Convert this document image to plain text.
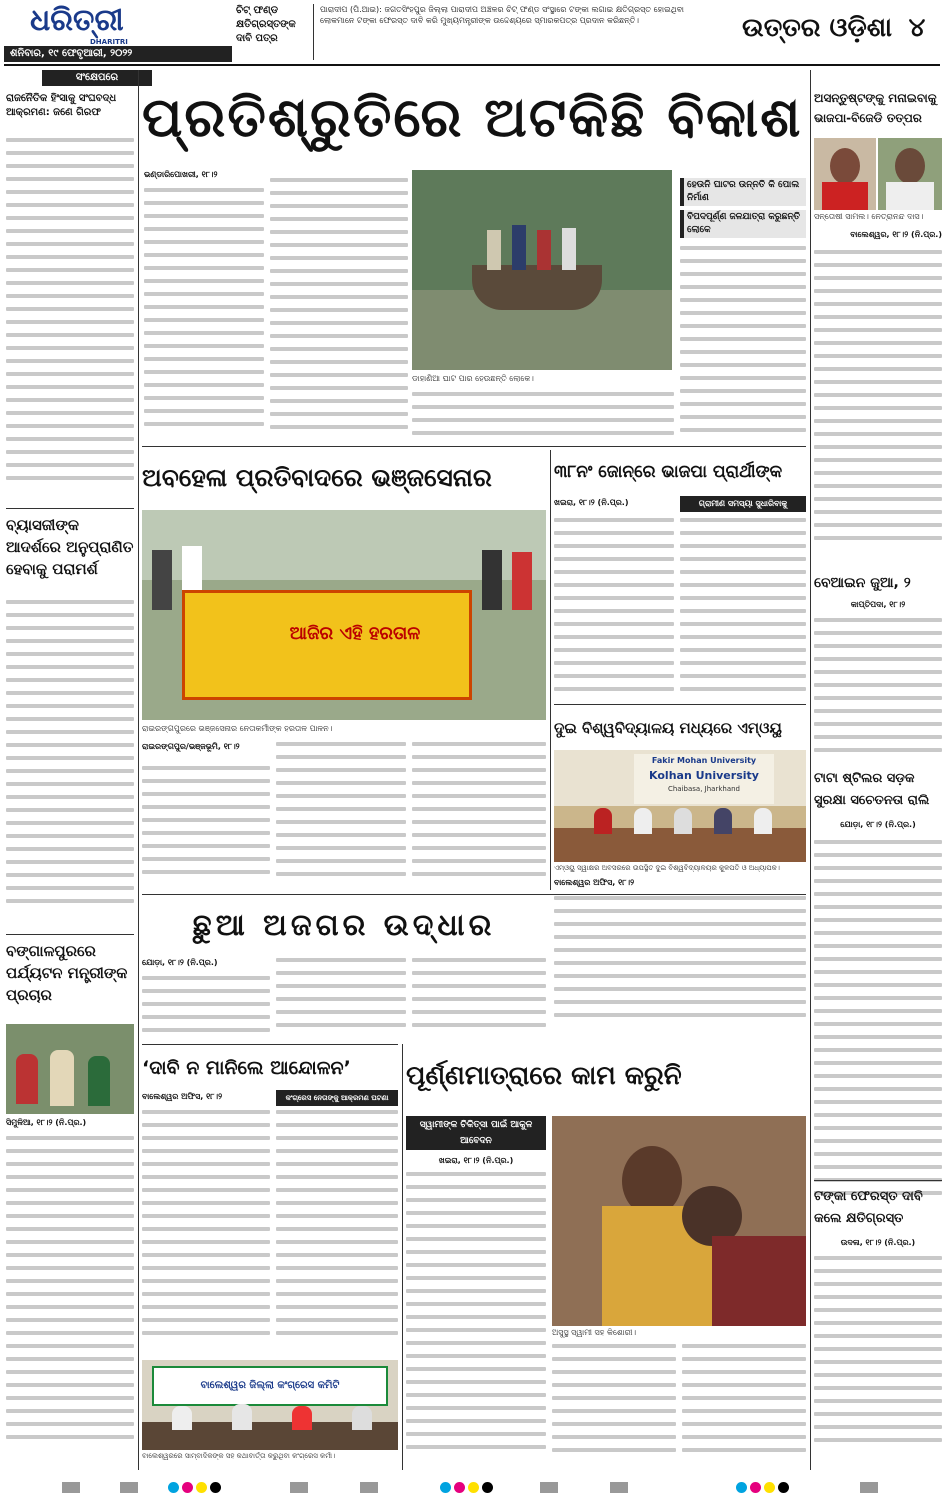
ଧରିତ୍ରୀ
DHARITRI
ଶନିବାର, ୧୯ ଫେବୃଆରୀ, ୨୦୨୨
ଚିଟ୍ ଫଣ୍ଡ କ୍ଷତିଗ୍ରସ୍ତଙ୍କ ଦାବି ପତ୍ର
ପାରାଦୀପ (ପି.ଆଇ): ଜଗତସିଂହପୁର ଜିଲ୍ଲା ପାରାଦୀପ ଅଞ୍ଚଳର ଚିଟ୍ ଫଣ୍ଡ ସଂସ୍ଥାରେ ଟଙ୍କା ଲଗାଇ କ୍ଷତିଗ୍ରସ୍ତ ହୋଇଥିବା ଲୋକମାନେ ଟଙ୍କା ଫେରସ୍ତ ଦାବି କରି ମୁଖ୍ୟମନ୍ତ୍ରୀଙ୍କ ଉଦ୍ଦେଶ୍ୟରେ ସ୍ମାରକପତ୍ର ପ୍ରଦାନ କରିଛନ୍ତି।	ଉତ୍ତର ଓଡ଼ିଶା ୪
ସଂକ୍ଷେପରେ
ରାଜନୈତିକ ହିଂସାକୁ ସଂଘବଦ୍ଧ ଆକ୍ରମଣ: ଜଣେ ଗିରଫ
ବ୍ୟାସଜୀଙ୍କ ଆଦର୍ଶରେ ଅନୁପ୍ରାଣିତ ହେବାକୁ ପରାମର୍ଶ
ବଙ୍ଗାଳପୁରରେ ପର୍ଯ୍ୟଟନ ମନ୍ତ୍ରୀଙ୍କ ପ୍ରଚାର
ସିମୁଳିଆ, ୧୮।୨ (ନି.ପ୍ର.)
ପ୍ରତିଶ୍ରୁତିରେ ଅଟକିଛି ବିକାଶ
ଭଣ୍ଡାରିପୋଖରୀ, ୧୮।୨
ଡାହାଣିଆ ଘାଟ ପାର ହେଉଛନ୍ତି ଲୋକେ।
ହେଉନି ଘାଟର ଉନ୍ନତି କି ପୋଲ ନିର୍ମାଣ
ବିପଦପୂର୍ଣ୍ଣ ଜଳଯାତ୍ରା କରୁଛନ୍ତି ଲୋକେ
ଅସନ୍ତୁଷ୍ଟଙ୍କୁ ମନାଇବାକୁ ଭାଜପା-ବିଜେଡି ତତ୍ପର
ସନ୍ତୋଷୀ ସାମଲ। ନେତ୍ରାନନ୍ଦ ଦାସ।
ବାଲେଶ୍ୱର, ୧୮।୨ (ନି.ପ୍ର.)
ଅବହେଳା ପ୍ରତିବାଦରେ ଭଞ୍ଜସେନାର
ଆଜିର ଏହି ହରତାଳ
ରାଇରଙ୍ଗପୁରରେ ଭଞ୍ଜସେନାର ନେତାକର୍ମୀଙ୍କ ହରତାଳ ପାଳନ।
ରାଇରଙ୍ଗପୁର/ଭଞ୍ଜଭୂମି, ୧୮।୨
୩୮ନଂ ଜୋନ୍‌ରେ ଭାଜପା ପ୍ରାର୍ଥୀଙ୍କ
ଖଇରା, ୧୮।୨ (ନି.ପ୍ର.)	ଗ୍ରାମୀଣ ସମସ୍ୟା ସୁଧାରିବାକୁ
ଦୁଇ ବିଶ୍ୱବିଦ୍ୟାଳୟ ମଧ୍ୟରେ ଏମ୍ଓୟୁ
Fakir Mohan University
Kolhan University
Chaibasa, Jharkhand
ଏମ୍ଓୟୁ ସ୍ୱାକ୍ଷର ଅବସରରେ ଉପସ୍ଥିତ ଦୁଇ ବିଶ୍ୱବିଦ୍ୟାଳୟର କୁଳପତି ଓ ଅଧ୍ୟାପକ।
ବାଲେଶ୍ୱର ଅଫିସ, ୧୮।୨
ବେଆଇନ ଜୁଆ, ୨
କାପ୍ତିପଦା, ୧୮।୨
ଟାଟା ଷ୍ଟିଲର ସଡ଼କ ସୁରକ୍ଷା ସଚେତନତା ରାଲି
ଯୋଡ଼ା, ୧୮।୨ (ନି.ପ୍ର.)
ଟଙ୍କା ଫେରସ୍ତ ଦାବି କଲେ କ୍ଷତିଗ୍ରସ୍ତ
ଉଦଳା, ୧୮।୨ (ନି.ପ୍ର.)
ଛୁଆ ଅଜଗର ଉଦ୍ଧାର
ଯୋଡ଼ା, ୧୮।୨ (ନି.ପ୍ର.)
‘ଦାବି ନ ମାନିଲେ ଆନ୍ଦୋଳନ’
ବାଲେଶ୍ୱର ଅଫିସ, ୧୮।୨	କଂଗ୍ରେସ ନେତାଙ୍କୁ ଆକ୍ରମଣ ଘଟଣା
ବାଲେଶ୍ୱର ଜିଲ୍ଲା କଂଗ୍ରେସ କମିଟି
ବାଲେଶ୍ୱରରେ ସାମ୍ବାଦିକଙ୍କ ସହ କଥାବାର୍ତ୍ତା କରୁଥିବା କଂଗ୍ରେସ କର୍ମୀ।
ପୂର୍ଣ୍ଣମାତ୍ରାରେ କାମ କରୁନି
ସ୍ୱାମୀଙ୍କ ଚିକିତ୍ସା ପାଇଁ ଆକୁଳ ଆବେଦନ
ଖଇରା, ୧୮।୨ (ନି.ପ୍ର.)
ଅସୁସ୍ଥ ସ୍ୱାମୀ ସହ କିଶୋରୀ।
